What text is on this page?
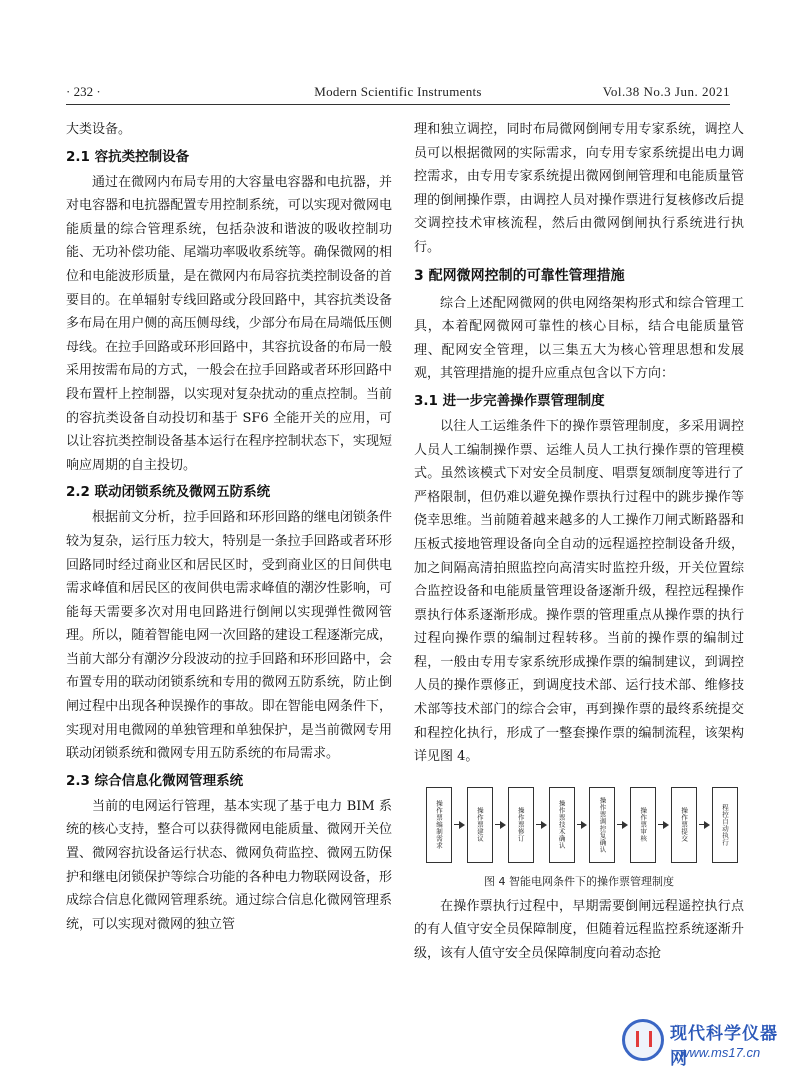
· 232 ·	Modern Scientific Instruments	Vol.38 No.3 Jun. 2021

大类设备。

2.1 容抗类控制设备

通过在微网内布局专用的大容量电容器和电抗器，并对电容器和电抗器配置专用控制系统，可以实现对微网电能质量的综合管理系统，包括杂波和谐波的吸收控制功能、无功补偿功能、尾端功率吸收系统等。确保微网的相位和电能波形质量，是在微网内布局容抗类控制设备的首要目的。在单辐射专线回路或分段回路中，其容抗类设备多布局在用户侧的高压侧母线，少部分布局在局端低压侧母线。在拉手回路或环形回路中，其容抗设备的布局一般采用按需布局的方式，一般会在拉手回路或者环形回路中段布置杆上控制器，以实现对复杂扰动的重点控制。当前的容抗类设备自动投切和基于 SF6 全能开关的应用，可以让容抗类控制设备基本运行在程序控制状态下，实现短响应周期的自主投切。

2.2 联动闭锁系统及微网五防系统

根据前文分析，拉手回路和环形回路的继电闭锁条件较为复杂，运行压力较大，特别是一条拉手回路或者环形回路同时经过商业区和居民区时，受到商业区的日间供电需求峰值和居民区的夜间供电需求峰值的潮汐性影响，可能每天需要多次对用电回路进行倒闸以实现弹性微网管理。所以，随着智能电网一次回路的建设工程逐渐完成，当前大部分有潮汐分段波动的拉手回路和环形回路中，会布置专用的联动闭锁系统和专用的微网五防系统，防止倒闸过程中出现各种误操作的事故。即在智能电网条件下，实现对用电微网的单独管理和单独保护，是当前微网专用联动闭锁系统和微网专用五防系统的布局需求。

2.3 综合信息化微网管理系统

当前的电网运行管理，基本实现了基于电力 BIM 系统的核心支持，整合可以获得微网电能质量、微网开关位置、微网容抗设备运行状态、微网负荷监控、微网五防保护和继电闭锁保护等综合功能的各种电力物联网设备，形成综合信息化微网管理系统。通过综合信息化微网管理系统，可以实现对微网的独立管

理和独立调控，同时布局微网倒闸专用专家系统，调控人员可以根据微网的实际需求，向专用专家系统提出电力调控需求，由专用专家系统提出微网倒闸管理和电能质量管理的倒闸操作票，由调控人员对操作票进行复核修改后提交调控技术审核流程，然后由微网倒闸执行系统进行执行。

3 配网微网控制的可靠性管理措施

综合上述配网微网的供电网络架构形式和综合管理工具，本着配网微网可靠性的核心目标，结合电能质量管理、配网安全管理，以三集五大为核心管理思想和发展观，其管理措施的提升应重点包含以下方向：

3.1 进一步完善操作票管理制度

以往人工运维条件下的操作票管理制度，多采用调控人员人工编制操作票、运维人员人工执行操作票的管理模式。虽然该模式下对安全员制度、唱票复颂制度等进行了严格限制，但仍难以避免操作票执行过程中的跳步操作等侥幸思维。当前随着越来越多的人工操作刀闸式断路器和压板式接地管理设备向全自动的远程遥控控制设备升级，加之间隔高清拍照监控向高清实时监控升级，开关位置综合监控设备和电能质量管理设备逐渐升级，程控远程操作票执行体系逐渐形成。操作票的管理重点从操作票的执行过程向操作票的编制过程转移。当前的操作票的编制过程，一般由专用专家系统形成操作票的编制建议，到调控人员的操作票修正，到调度技术部、运行技术部、维修技术部等技术部门的综合会审，再到操作票的最终系统提交和程控化执行，形成了一整套操作票的编制流程，该架构详见图 4。

操作票编制需求	操作票建议	操作票修订	操作票技术确认	操作票调控复确认	操作票审核	操作票提交	程控自动执行
图 4 智能电网条件下的操作票管理制度

在操作票执行过程中，早期需要倒闸远程遥控执行点的有人值守安全员保障制度，但随着远程监控系统逐渐升级，该有人值守安全员保障制度向着动态抢

现代科学仪器网
www.ms17.cn
